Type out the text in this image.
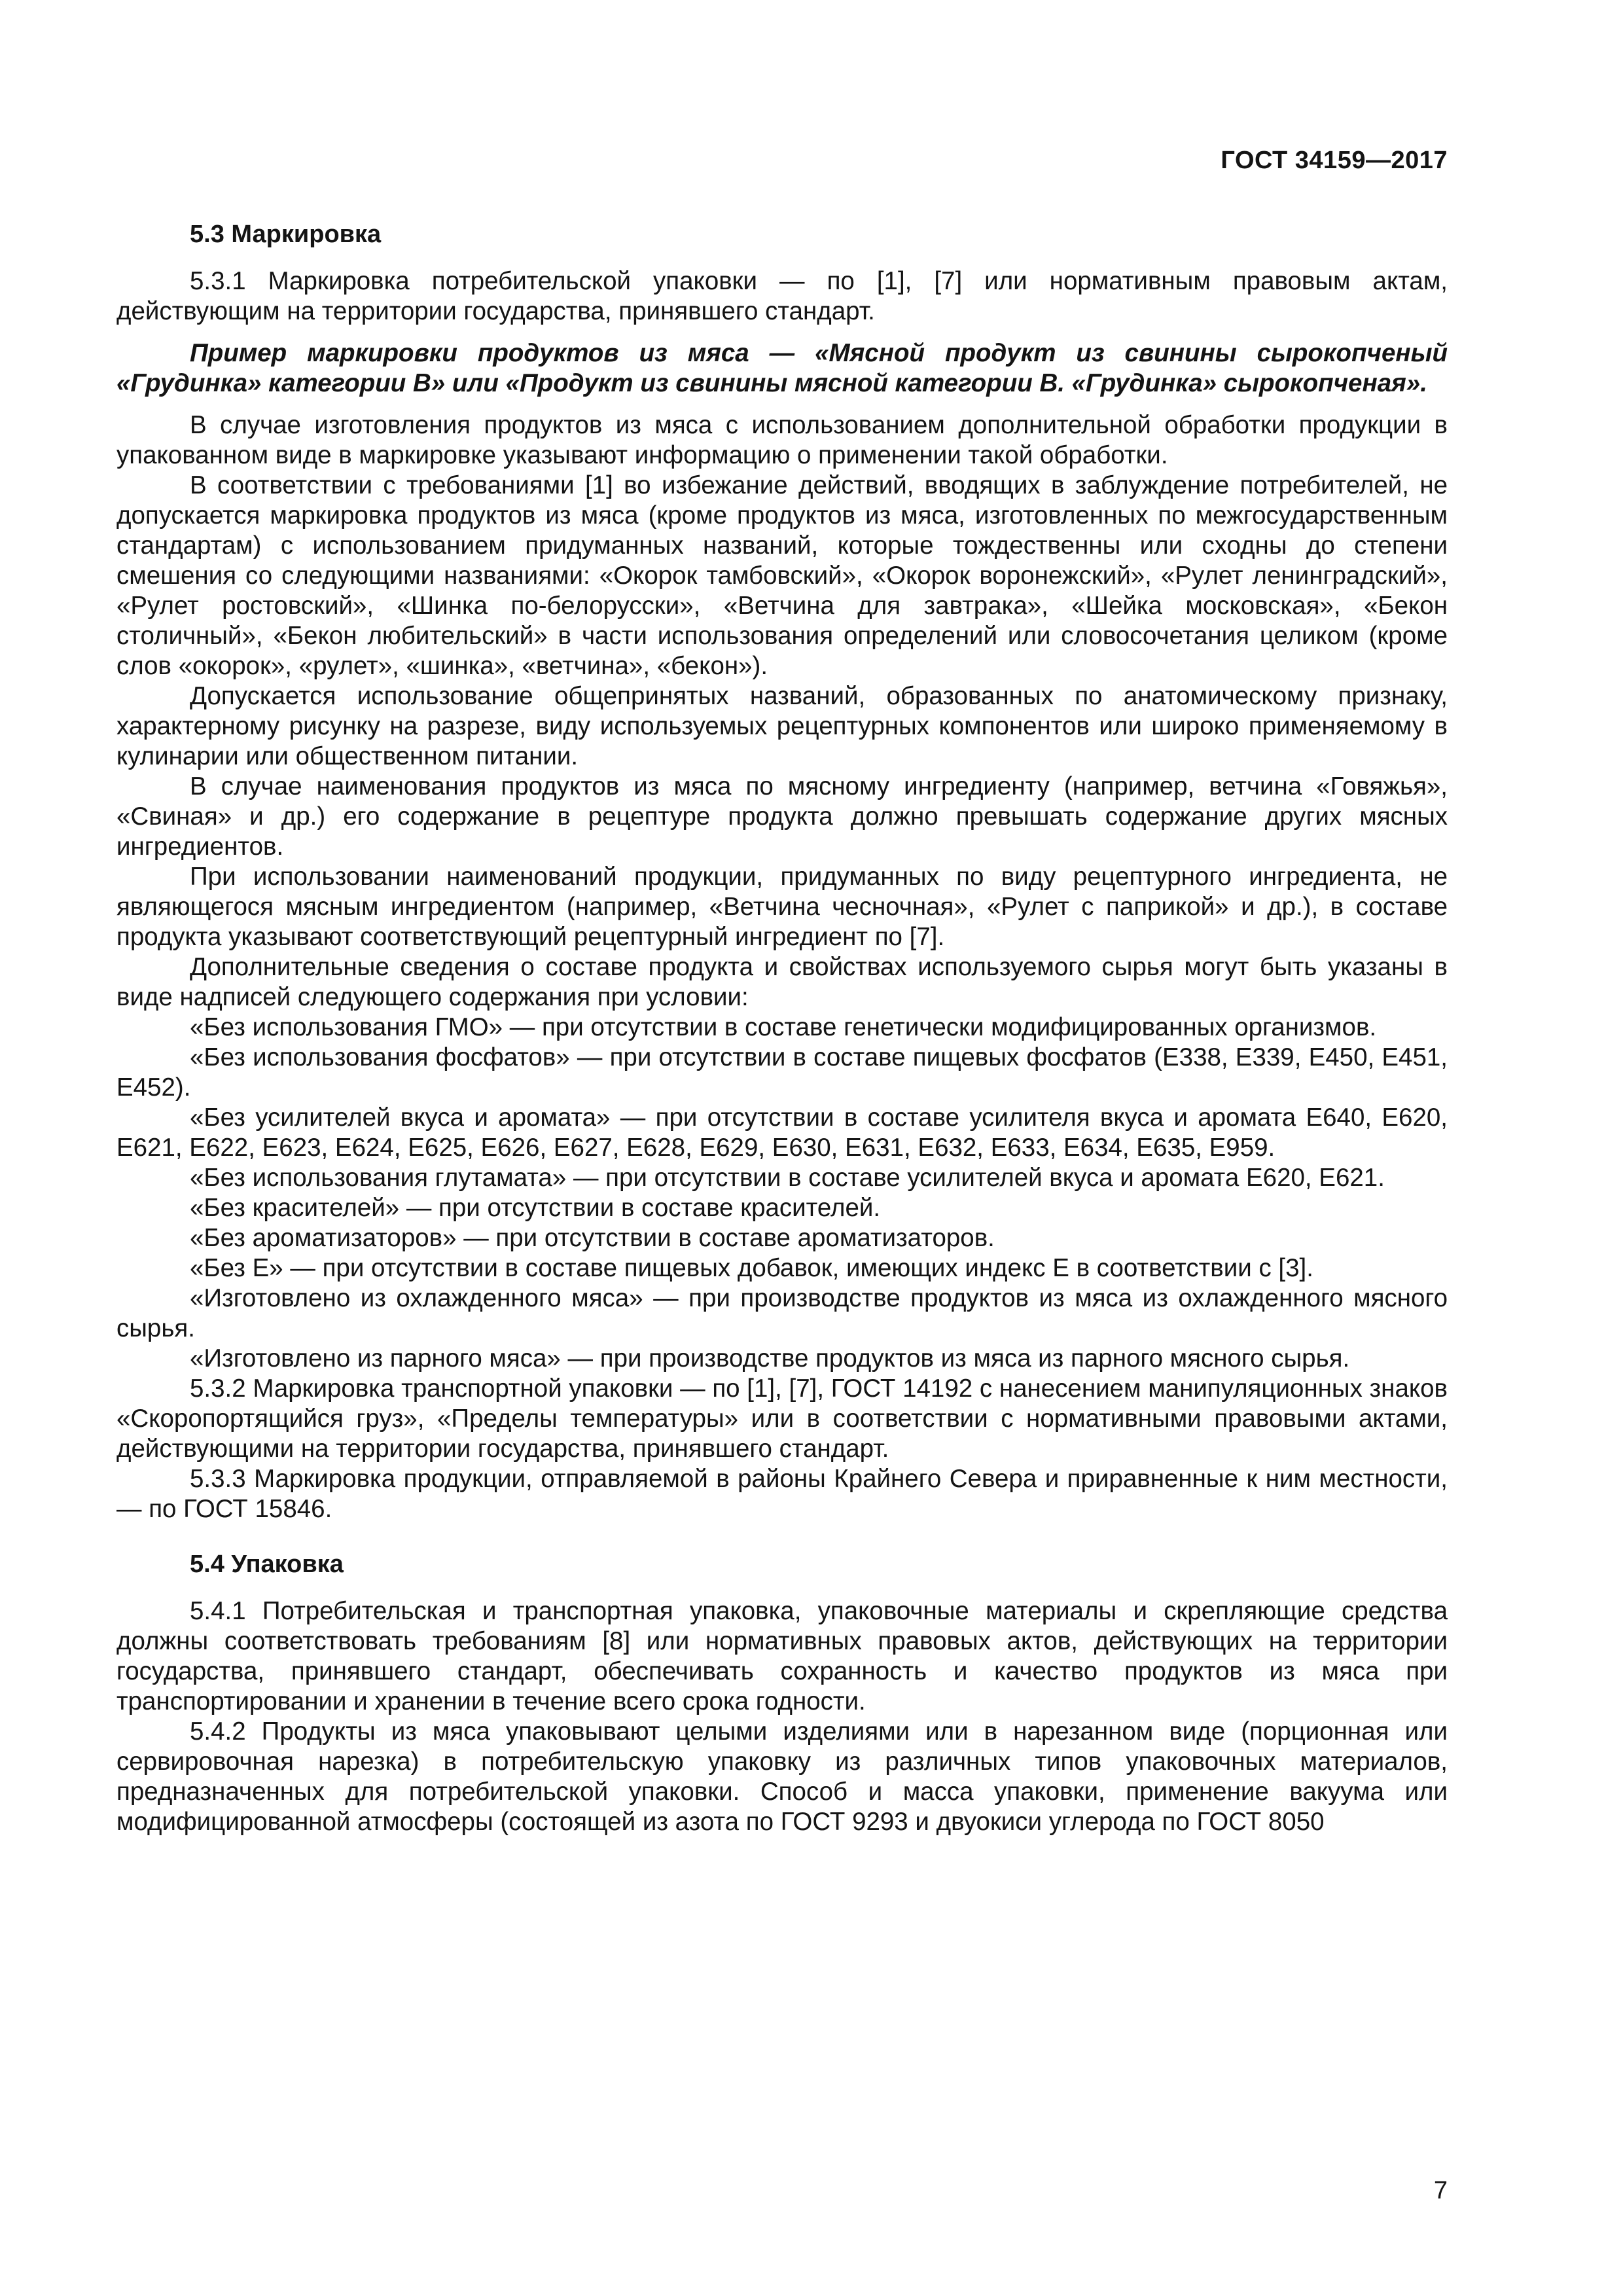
ГОСТ 34159—2017
5.3 Маркировка

5.3.1 Маркировка потребительской упаковки — по [1], [7] или нормативным правовым актам, действующим на территории государства, принявшего стандарт.

Пример маркировки продуктов из мяса — «Мясной продукт из свинины сырокопченый «Грудинка» категории В» или «Продукт из свинины мясной категории В. «Грудинка» сырокопченая».

В случае изготовления продуктов из мяса с использованием дополнительной обработки продукции в упакованном виде в маркировке указывают информацию о применении такой обработки.

В соответствии с требованиями [1] во избежание действий, вводящих в заблуждение потребителей, не допускается маркировка продуктов из мяса (кроме продуктов из мяса, изготовленных по межгосударственным стандартам) с использованием придуманных названий, которые тождественны или сходны до степени смешения со следующими названиями: «Окорок тамбовский», «Окорок воронежский», «Рулет ленинградский», «Рулет ростовский», «Шинка по-белорусски», «Ветчина для завтрака», «Шейка московская», «Бекон столичный», «Бекон любительский» в части использования определений или словосочетания целиком (кроме слов «окорок», «рулет», «шинка», «ветчина», «бекон»).

Допускается использование общепринятых названий, образованных по анатомическому признаку, характерному рисунку на разрезе, виду используемых рецептурных компонентов или широко применяемому в кулинарии или общественном питании.

В случае наименования продуктов из мяса по мясному ингредиенту (например, ветчина «Говяжья», «Свиная» и др.) его содержание в рецептуре продукта должно превышать содержание других мясных ингредиентов.

При использовании наименований продукции, придуманных по виду рецептурного ингредиента, не являющегося мясным ингредиентом (например, «Ветчина чесночная», «Рулет с паприкой» и др.), в составе продукта указывают соответствующий рецептурный ингредиент по [7].

Дополнительные сведения о составе продукта и свойствах используемого сырья могут быть указаны в виде надписей следующего содержания при условии:

«Без использования ГМО» — при отсутствии в составе генетически модифицированных организмов.

«Без использования фосфатов» — при отсутствии в составе пищевых фосфатов (Е338, Е339, Е450, Е451, Е452).

«Без усилителей вкуса и аромата» — при отсутствии в составе усилителя вкуса и аромата Е640, Е620, Е621, Е622, Е623, Е624, Е625, Е626, Е627, Е628, Е629, Е630, Е631, Е632, Е633, Е634, Е635, Е959.

«Без использования глутамата» — при отсутствии в составе усилителей вкуса и аромата Е620, Е621.

«Без красителей» — при отсутствии в составе красителей.

«Без ароматизаторов» — при отсутствии в составе ароматизаторов.

«Без Е» — при отсутствии в составе пищевых добавок, имеющих индекс Е в соответствии с [3].

«Изготовлено из охлажденного мяса» — при производстве продуктов из мяса из охлажденного мясного сырья.

«Изготовлено из парного мяса» — при производстве продуктов из мяса из парного мясного сырья.

5.3.2 Маркировка транспортной упаковки — по [1], [7], ГОСТ 14192 с нанесением манипуляционных знаков «Скоропортящийся груз», «Пределы температуры» или в соответствии с нормативными правовыми актами, действующими на территории государства, принявшего стандарт.

5.3.3 Маркировка продукции, отправляемой в районы Крайнего Севера и приравненные к ним местности, — по ГОСТ 15846.

5.4 Упаковка

5.4.1 Потребительская и транспортная упаковка, упаковочные материалы и скрепляющие средства должны соответствовать требованиям [8] или нормативных правовых актов, действующих на территории государства, принявшего стандарт, обеспечивать сохранность и качество продуктов из мяса при транспортировании и хранении в течение всего срока годности.

5.4.2 Продукты из мяса упаковывают целыми изделиями или в нарезанном виде (порционная или сервировочная нарезка) в потребительскую упаковку из различных типов упаковочных материалов, предназначенных для потребительской упаковки. Способ и масса упаковки, применение вакуума или модифицированной атмосферы (состоящей из азота по ГОСТ 9293 и двуокиси углерода по ГОСТ 8050

7
